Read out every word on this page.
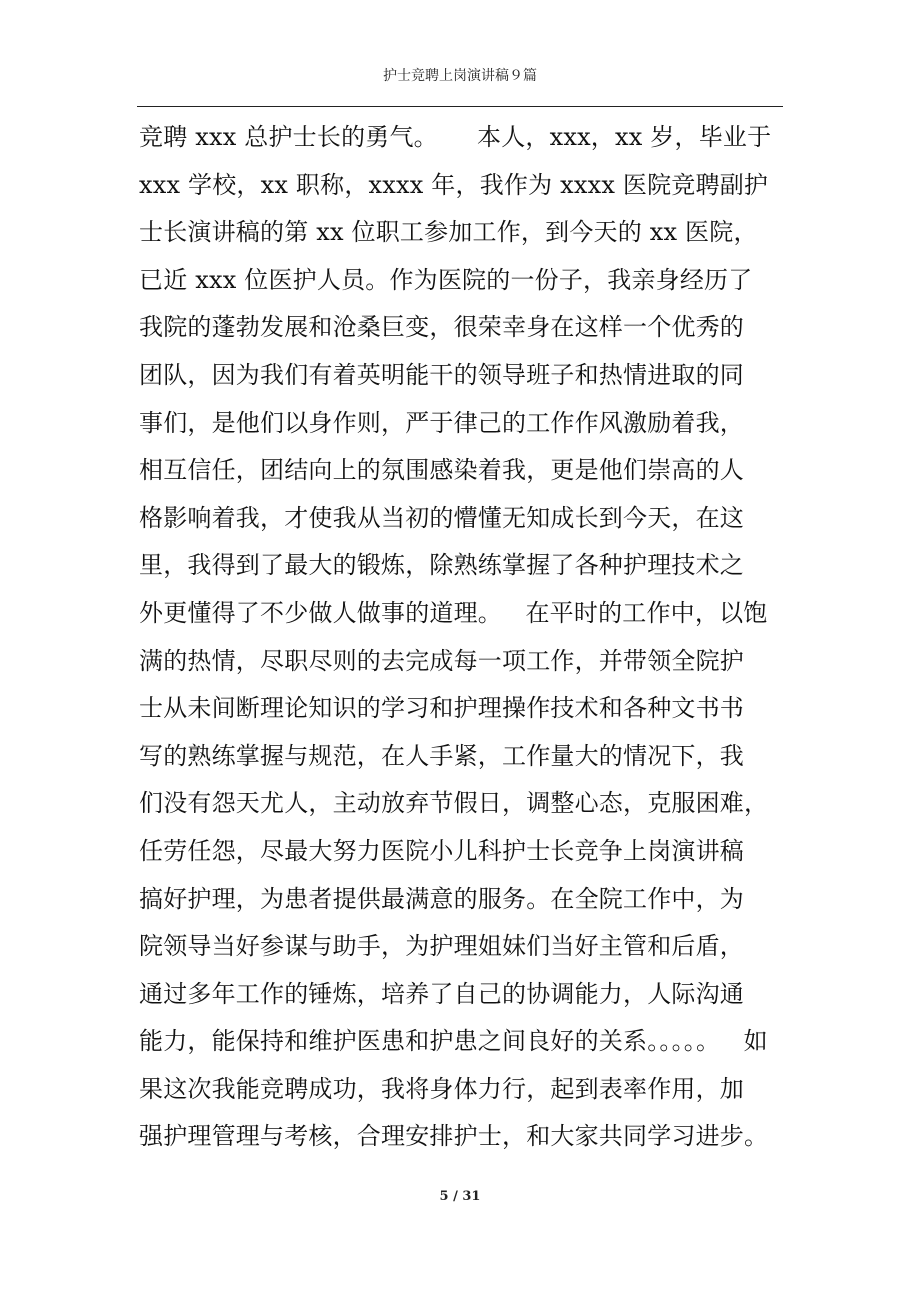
护士竞聘上岗演讲稿９篇
竞聘 xxx 总护士长的勇气。     本人，xxx，xx 岁，毕业于
xxx 学校，xx 职称，xxxx 年，我作为 xxxx 医院竞聘副护
士长演讲稿的第 xx 位职工参加工作，到今天的 xx 医院，
已近 xxx 位医护人员。作为医院的一份子，我亲身经历了
我院的蓬勃发展和沧桑巨变，很荣幸身在这样一个优秀的
团队，因为我们有着英明能干的领导班子和热情进取的同
事们，是他们以身作则，严于律己的工作作风激励着我，
相互信任，团结向上的氛围感染着我，更是他们崇高的人
格影响着我，才使我从当初的懵懂无知成长到今天，在这
里，我得到了最大的锻炼，除熟练掌握了各种护理技术之
外更懂得了不少做人做事的道理。   在平时的工作中，以饱
满的热情，尽职尽则的去完成每一项工作，并带领全院护
士从未间断理论知识的学习和护理操作技术和各种文书书
写的熟练掌握与规范，在人手紧，工作量大的情况下，我
们没有怨天尤人，主动放弃节假日，调整心态，克服困难，
任劳任怨，尽最大努力医院小儿科护士长竞争上岗演讲稿
搞好护理，为患者提供最满意的服务。在全院工作中，为
院领导当好参谋与助手，为护理姐妹们当好主管和后盾，
通过多年工作的锤炼，培养了自己的协调能力，人际沟通
能力，能保持和维护医患和护患之间良好的关系。。。。。   如
果这次我能竞聘成功，我将身体力行，起到表率作用，加
强护理管理与考核，合理安排护士，和大家共同学习进步。
5 / 31
